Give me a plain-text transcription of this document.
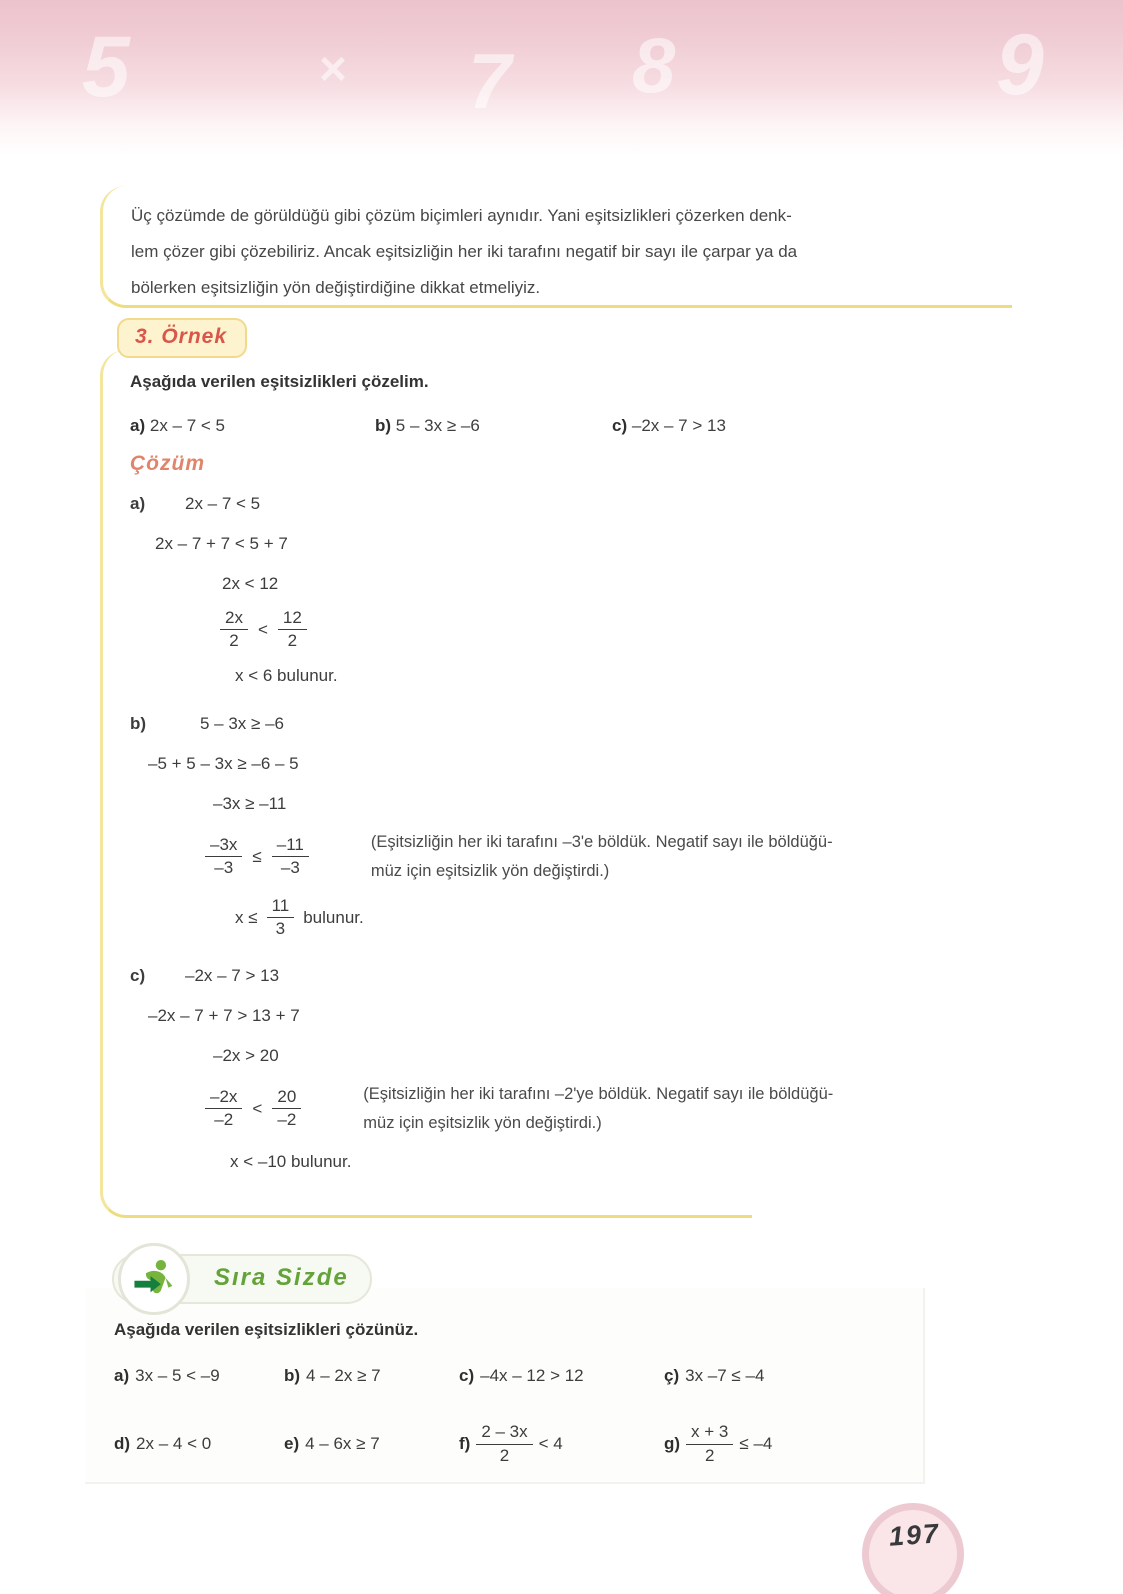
5	× 7 8	9
Üç çözümde de görüldüğü gibi çözüm biçimleri aynıdır. Yani eşitsizlikleri çözerken denk-
lem çözer gibi çözebiliriz. Ancak eşitsizliğin her iki tarafını negatif bir sayı ile çarpar ya da
bölerken eşitsizliğin yön değiştirdiğine dikkat etmeliyiz.
3. Örnek
Aşağıda verilen eşitsizlikleri çözelim.
a) 2x – 7 < 5	b) 5 – 3x ≥ –6	c) –2x – 7 > 13
Çözüm
a) 2x – 7 < 5
2x – 7 + 7 < 5 + 7
2x < 12
$\frac{2x}{2} < \frac{12}{2}$
x < 6 bulunur.
b)	5 – 3x ≥ –6
–5 + 5 – 3x ≥ –6 – 5
–3x ≥ –11
$\frac{-3x}{-3} \le \frac{-11}{-3}$	(Eşitsizliğin her iki tarafını –3'e böldük. Negatif sayı ile böldüğü-
müz için eşitsizlik yön değiştirdi.)
$x \le \frac{11}{3}$ bulunur.
c) –2x – 7 > 13
–2x – 7 + 7 > 13 + 7
–2x > 20
$\frac{-2x}{-2} < \frac{20}{-2}$	(Eşitsizliğin her iki tarafını –2'ye böldük. Negatif sayı ile böldüğü-
müz için eşitsizlik yön değiştirdi.)
x < –10 bulunur.
Sıra Sizde
Aşağıda verilen eşitsizlikleri çözünüz.
a) 3x – 5 < –9	b) 4 – 2x ≥ 7	c) –4x – 12 > 12	ç) 3x –7 ≤ –4
d) 2x – 4 < 0	e) 4 – 6x ≥ 7	$f) \frac{2 - 3x}{2} < 4$	$g) \frac{x + 3}{2} \le -4$
197
